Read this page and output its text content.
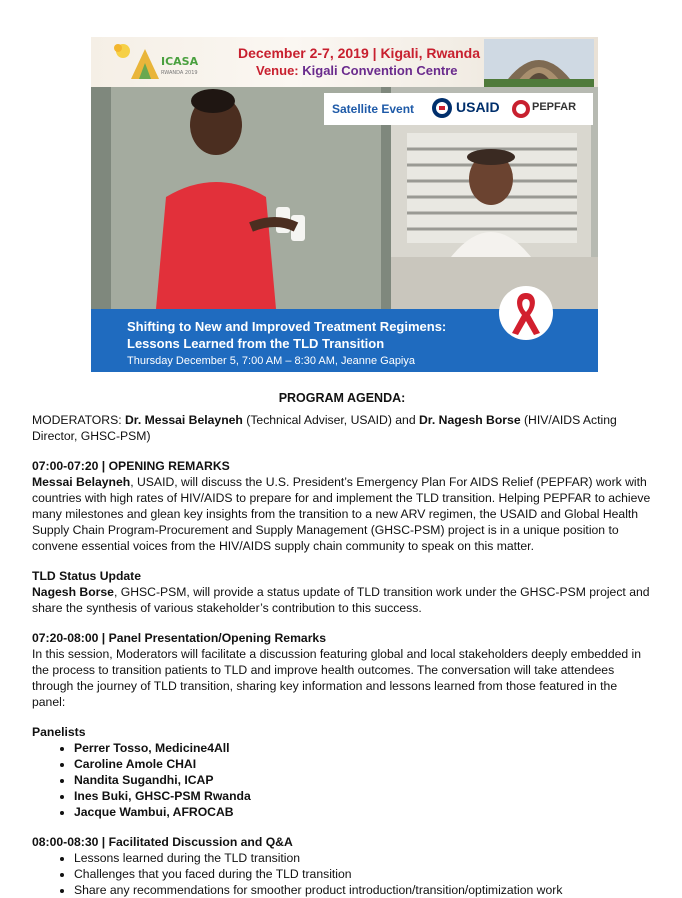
ICASA
RWANDA 2019
December 2-7, 2019 | Kigali, Rwanda
Venue: Kigali Convention Centre
Satellite Event	USAID	PEPFAR
Shifting to New and Improved Treatment Regimens:
Lessons Learned from the TLD Transition
Thursday December 5, 7:00 AM – 8:30 AM, Jeanne Gapiya

PROGRAM AGENDA:

MODERATORS: Dr. Messai Belayneh (Technical Adviser, USAID) and Dr. Nagesh Borse (HIV/AIDS Acting Director, GHSC-PSM)

07:00-07:20 | OPENING REMARKS

Messai Belayneh, USAID, will discuss the U.S. President’s Emergency Plan For AIDS Relief (PEPFAR) work with countries with high rates of HIV/AIDS to prepare for and implement the TLD transition. Helping PEPFAR to achieve many milestones and glean key insights from the transition to a new ARV regimen, the USAID and Global Health Supply Chain Program-Procurement and Supply Management (GHSC-PSM) project is in a unique position to convene essential voices from the HIV/AIDS supply chain community to speak on this matter.

TLD Status Update

Nagesh Borse, GHSC-PSM, will provide a status update of TLD transition work under the GHSC-PSM project and share the synthesis of various stakeholder’s contribution to this success.

07:20-08:00 | Panel Presentation/Opening Remarks

In this session, Moderators will facilitate a discussion featuring global and local stakeholders deeply embedded in the process to transition patients to TLD and improve health outcomes. The conversation will take attendees through the journey of TLD transition, sharing key information and lessons learned from those featured in the panel:

Panelists

• Perrer Tosso, Medicine4All
• Caroline Amole CHAI
• Nandita Sugandhi, ICAP
• Ines Buki, GHSC-PSM Rwanda
• Jacque Wambui, AFROCAB

08:00-08:30 | Facilitated Discussion and Q&A

• Lessons learned during the TLD transition
• Challenges that you faced during the TLD transition
• Share any recommendations for smoother product introduction/transition/optimization work
